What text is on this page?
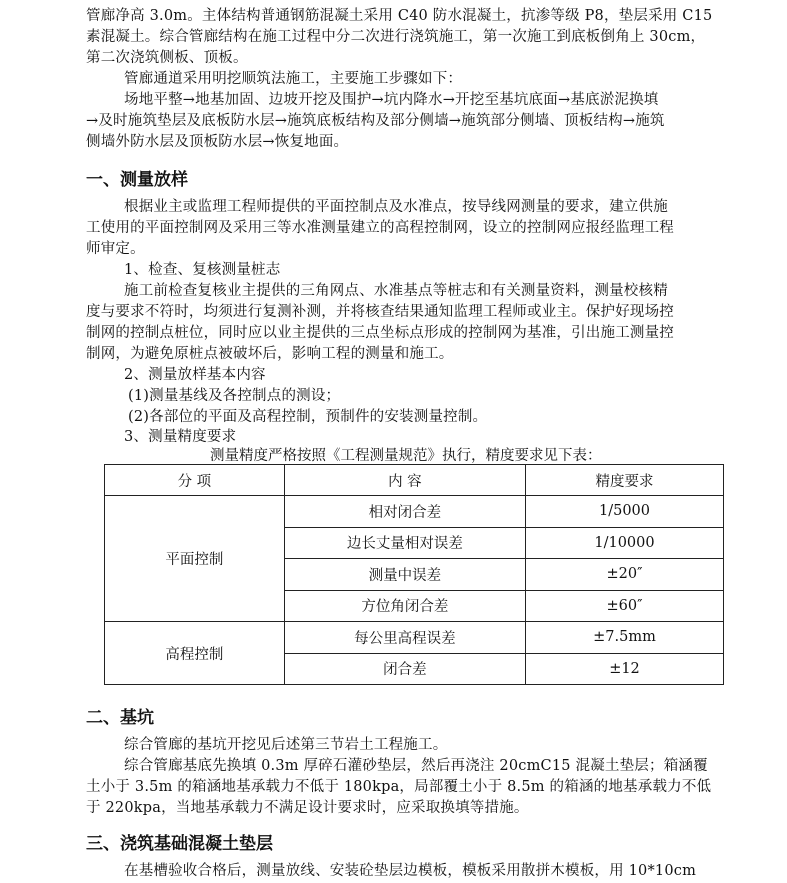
管廊净高 3.0m。主体结构普通钢筋混凝土采用 C40 防水混凝土，抗渗等级 P8，垫层采用 C15
素混凝土。综合管廊结构在施工过程中分二次进行浇筑施工，第一次施工到底板倒角上 30cm，
第二次浇筑侧板、顶板。
管廊通道采用明挖顺筑法施工，主要施工步骤如下：
场地平整→地基加固、边坡开挖及围护→坑内降水→开挖至基坑底面→基底淤泥换填
→及时施筑垫层及底板防水层→施筑底板结构及部分侧墙→施筑部分侧墙、顶板结构→施筑
侧墙外防水层及顶板防水层→恢复地面。
一、测量放样
根据业主或监理工程师提供的平面控制点及水准点，按导线网测量的要求，建立供施
工使用的平面控制网及采用三等水准测量建立的高程控制网，设立的控制网应报经监理工程
师审定。
1、检查、复核测量桩志
施工前检查复核业主提供的三角网点、水准基点等桩志和有关测量资料，测量校核精
度与要求不符时，均须进行复测补测，并将核查结果通知监理工程师或业主。保护好现场控
制网的控制点桩位，同时应以业主提供的三点坐标点形成的控制网为基准，引出施工测量控
制网，为避免原桩点被破坏后，影响工程的测量和施工。
2、测量放样基本内容
(1)测量基线及各控制点的测设；
(2)各部位的平面及高程控制，预制件的安装测量控制。
3、测量精度要求
测量精度严格按照《工程测量规范》执行，精度要求见下表：
分 项	内 容	精度要求
平面控制	相对闭合差	1/5000
	边长丈量相对误差	1/10000
	测量中误差	±20″
	方位角闭合差	±60″
高程控制	每公里高程误差	±7.5mm
	闭合差	±12
二、基坑
综合管廊的基坑开挖见后述第三节岩土工程施工。
综合管廊基底先换填 0.3m 厚碎石灌砂垫层，然后再浇注 20cmC15 混凝土垫层；箱涵覆
土小于 3.5m 的箱涵地基承载力不低于 180kpa，局部覆土小于 8.5m 的箱涵的地基承载力不低
于 220kpa，当地基承载力不满足设计要求时，应采取换填等措施。
三、浇筑基础混凝土垫层
在基槽验收合格后，测量放线、安装砼垫层边模板，模板采用散拼木模板，用 10*10cm
